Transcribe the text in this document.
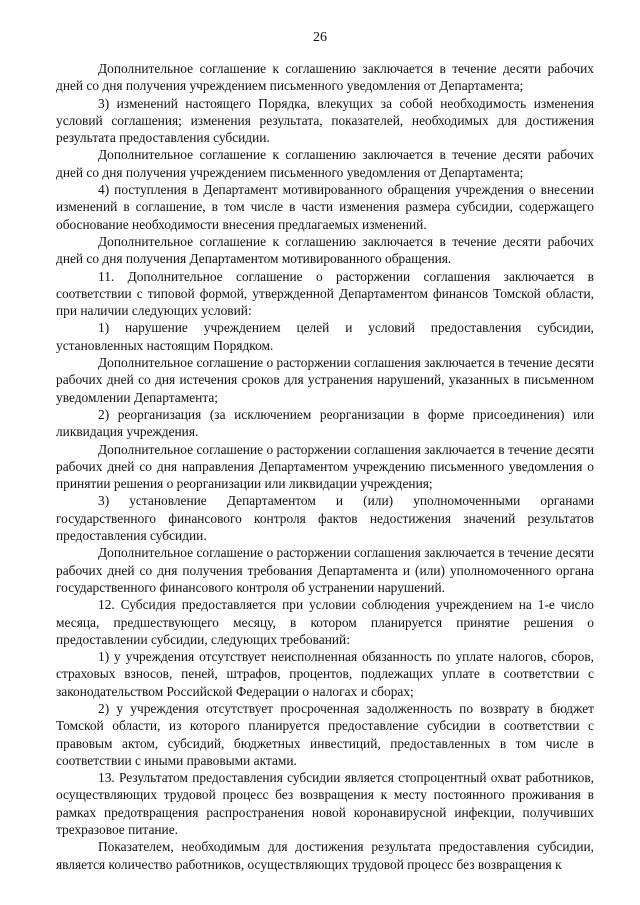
26

Дополнительное соглашение к соглашению заключается в течение десяти рабочих дней со дня получения учреждением письменного уведомления от Департамента;

3) изменений настоящего Порядка, влекущих за собой необходимость изменения условий соглашения; изменения результата, показателей, необходимых для достижения результата предоставления субсидии.

Дополнительное соглашение к соглашению заключается в течение десяти рабочих дней со дня получения учреждением письменного уведомления от Департамента;

4) поступления в Департамент мотивированного обращения учреждения о внесении изменений в соглашение, в том числе в части изменения размера субсидии, содержащего обоснование необходимости внесения предлагаемых изменений.

Дополнительное соглашение к соглашению заключается в течение десяти рабочих дней со дня получения Департаментом мотивированного обращения.

11. Дополнительное соглашение о расторжении соглашения заключается в соответствии с типовой формой, утвержденной Департаментом финансов Томской области, при наличии следующих условий:

1) нарушение учреждением целей и условий предоставления субсидии, установленных настоящим Порядком.

Дополнительное соглашение о расторжении соглашения заключается в течение десяти рабочих дней со дня истечения сроков для устранения нарушений, указанных в письменном уведомлении Департамента;

2) реорганизация (за исключением реорганизации в форме присоединения) или ликвидация учреждения.

Дополнительное соглашение о расторжении соглашения заключается в течение десяти рабочих дней со дня направления Департаментом учреждению письменного уведомления о принятии решения о реорганизации или ликвидации учреждения;

3) установление Департаментом и (или) уполномоченными органами государственного финансового контроля фактов недостижения значений результатов предоставления субсидии.

Дополнительное соглашение о расторжении соглашения заключается в течение десяти рабочих дней со дня получения требования Департамента и (или) уполномоченного органа государственного финансового контроля об устранении нарушений.

12. Субсидия предоставляется при условии соблюдения учреждением на 1-е число месяца, предшествующего месяцу, в котором планируется принятие решения о предоставлении субсидии, следующих требований:

1) у учреждения отсутствует неисполненная обязанность по уплате налогов, сборов, страховых взносов, пеней, штрафов, процентов, подлежащих уплате в соответствии с законодательством Российской Федерации о налогах и сборах;

2) у учреждения отсутствует просроченная задолженность по возврату в бюджет Томской области, из которого планируется предоставление субсидии в соответствии с правовым актом, субсидий, бюджетных инвестиций, предоставленных в том числе в соответствии с иными правовыми актами.

13. Результатом предоставления субсидии является стопроцентный охват работников, осуществляющих трудовой процесс без возвращения к месту постоянного проживания в рамках предотвращения распространения новой коронавирусной инфекции, получивших трехразовое питание.

Показателем, необходимым для достижения результата предоставления субсидии, является количество работников, осуществляющих трудовой процесс без возвращения к
